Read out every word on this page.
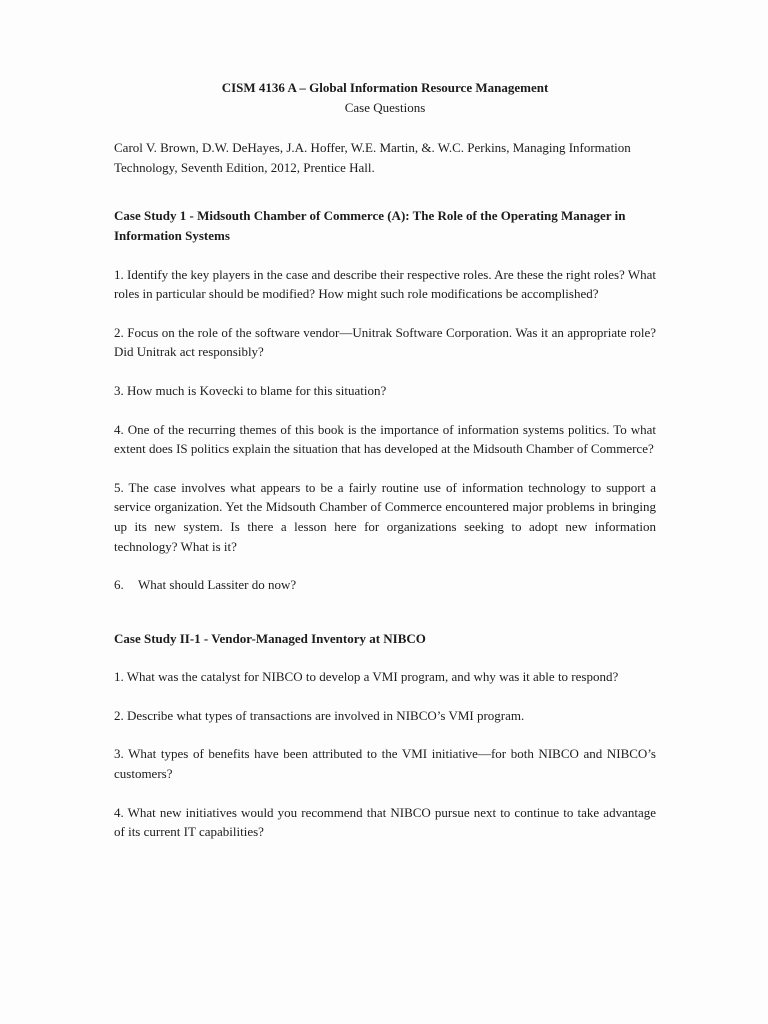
CISM 4136 A – Global Information Resource Management
Case Questions

Carol V. Brown, D.W. DeHayes, J.A. Hoffer, W.E. Martin, &. W.C. Perkins, Managing Information Technology, Seventh Edition, 2012, Prentice Hall.

Case Study 1 - Midsouth Chamber of Commerce (A): The Role of the Operating Manager in Information Systems

1. Identify the key players in the case and describe their respective roles. Are these the right roles? What roles in particular should be modified? How might such role modifications be accomplished?

2. Focus on the role of the software vendor—Unitrak Software Corporation. Was it an appropriate role? Did Unitrak act responsibly?

3. How much is Kovecki to blame for this situation?

4. One of the recurring themes of this book is the importance of information systems politics. To what extent does IS politics explain the situation that has developed at the Midsouth Chamber of Commerce?

5. The case involves what appears to be a fairly routine use of information technology to support a service organization. Yet the Midsouth Chamber of Commerce encountered major problems in bringing up its new system. Is there a lesson here for organizations seeking to adopt new information technology? What is it?

6. What should Lassiter do now?

Case Study II-1 - Vendor-Managed Inventory at NIBCO

1. What was the catalyst for NIBCO to develop a VMI program, and why was it able to respond?

2. Describe what types of transactions are involved in NIBCO’s VMI program.

3. What types of benefits have been attributed to the VMI initiative—for both NIBCO and NIBCO’s customers?

4. What new initiatives would you recommend that NIBCO pursue next to continue to take advantage of its current IT capabilities?
